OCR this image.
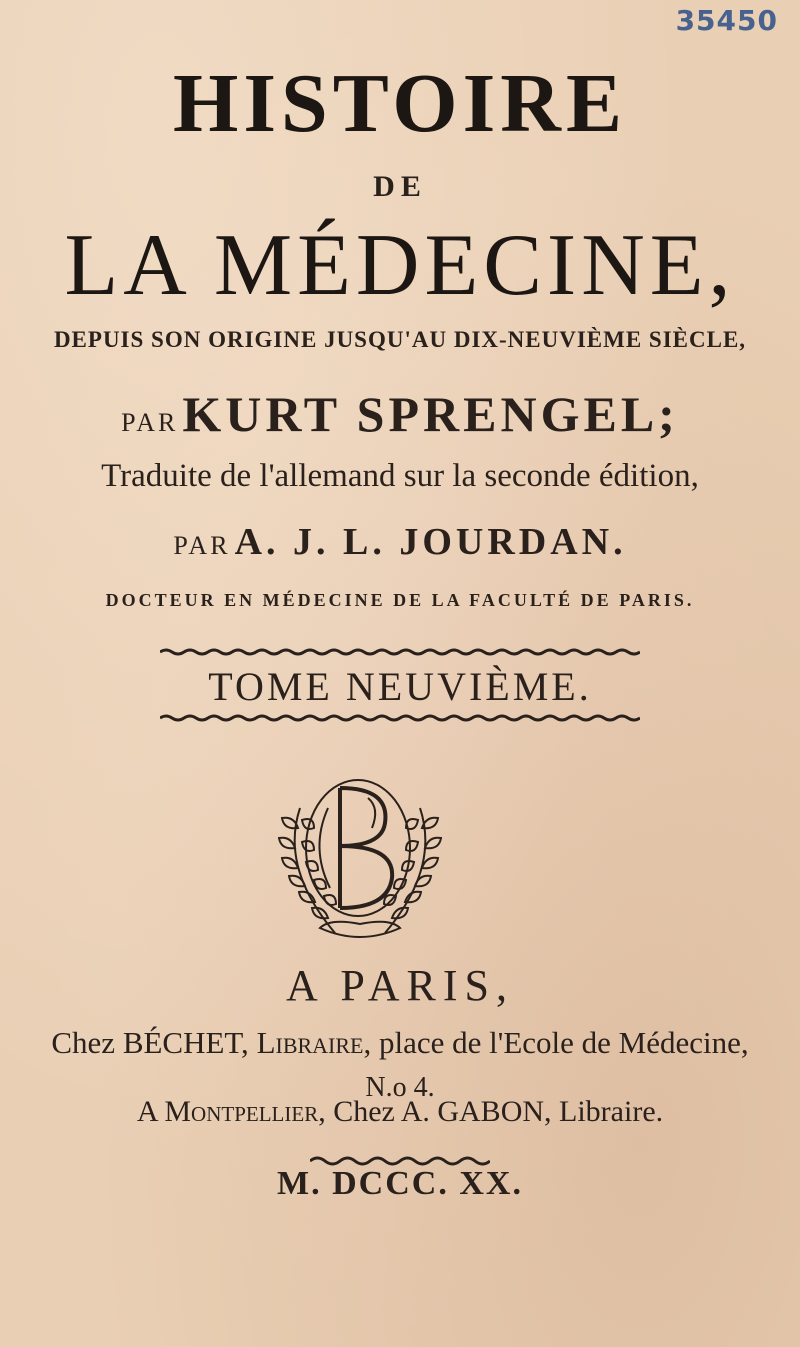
35450
HISTOIRE
DE
LA MÉDECINE,
DEPUIS SON ORIGINE JUSQU'AU DIX-NEUVIÈME SIÈCLE,
PAR KURT SPRENGEL;
Traduite de l'allemand sur la seconde édition,
PAR A. J. L. JOURDAN.
DOCTEUR EN MÉDECINE DE LA FACULTÉ DE PARIS.
TOME NEUVIÈME.
A PARIS,
Chez BÉCHET, Libraire, place de l'Ecole de Médecine,
N.o 4.
A Montpellier, Chez A. GABON, Libraire.
M. DCCC. XX.
